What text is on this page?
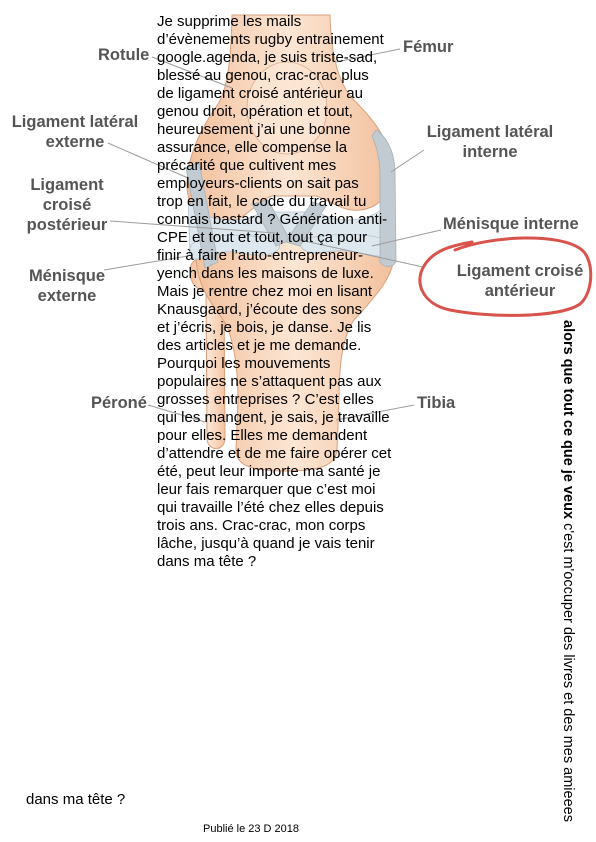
Rotule	Fémur
Ligament latéral
externe
Ligament latéral
interne
Ligament
croisé
postérieur	Ménisque interne
Ligament croisé
antérieur
Ménisque
externe
Péroné	Tibia
Je supprime les mails
d’évènements rugby entrainement
google.agenda, je suis triste-sad,
blessé au genou, crac-crac plus
de ligament croisé antérieur au
genou droit, opération et tout,
heureusement j’ai une bonne
assurance, elle compense la
précarité que cultivent mes
employeurs-clients on sait pas
trop en fait, le code du travail tu
connais bastard ? Génération anti-
CPE et tout et tout, tout ça pour
finir à faire l’auto-entrepreneur-
yench dans les maisons de luxe.
Mais je rentre chez moi en lisant
Knausgaard, j’écoute des sons
et j’écris, je bois, je danse. Je lis
des articles et je me demande.
Pourquoi les mouvements
populaires ne s’attaquent pas aux
grosses entreprises ? C’est elles
qui les mangent, je sais, je travaille
pour elles. Elles me demandent
d’attendre et de me faire opérer cet
été, peut leur importe ma santé je
leur fais remarquer que c’est moi
qui travaille l’été chez elles depuis
trois ans. Crac-crac, mon corps
lâche, jusqu’à quand je vais tenir
dans ma tête ?
alors que tout ce que je veux c'est m'occuper des livres et des mes amieees
dans ma tête ?
Publié le 23 D 2018
